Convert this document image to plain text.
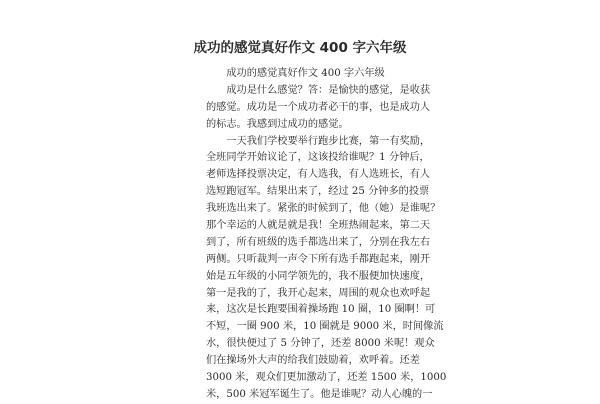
成功的感觉真好作文 400 字六年级
　　成功的感觉真好作文 400 字六年级
　　成功是什么感觉？答：是愉快的感觉，是收获
的感觉。成功是一个成功者必干的事，也是成功人
的标志。我感到过成功的感觉。
　　一天我们学校要举行跑步比赛，第一有奖励，
全班同学开始议论了，这该投给谁呢？1 分钟后，
老师选择投票决定，有人选我，有人选班长，有人
选短跑冠军。结果出来了，经过 25 分钟多的投票
我班选出来了。紧张的时候到了，他（她）是谁呢？
那个幸运的人就是就是我！全班热闹起来，第二天
到了，所有班级的选手都选出来了，分别在我左右
两侧。只听裁判一声令下所有选手都跑起来，刚开
始是五年级的小同学领先的，我不服便加快速度，
第一是我的了，我开心起来，周围的观众也欢呼起
来，这次是长跑要围着操场跑 10 圈，10 圈啊！可
不短，一圈 900 米，10 圈就是 9000 米，时间像流
水，很快便过了 5 分钟了，还差 8000 米呢！观众
们在操场外大声的给我们鼓励着，欢呼着。还差
3000 米，观众们更加激动了，还差 1500 米，1000
米，500 米冠军诞生了。他是谁呢？动人心魄的一
